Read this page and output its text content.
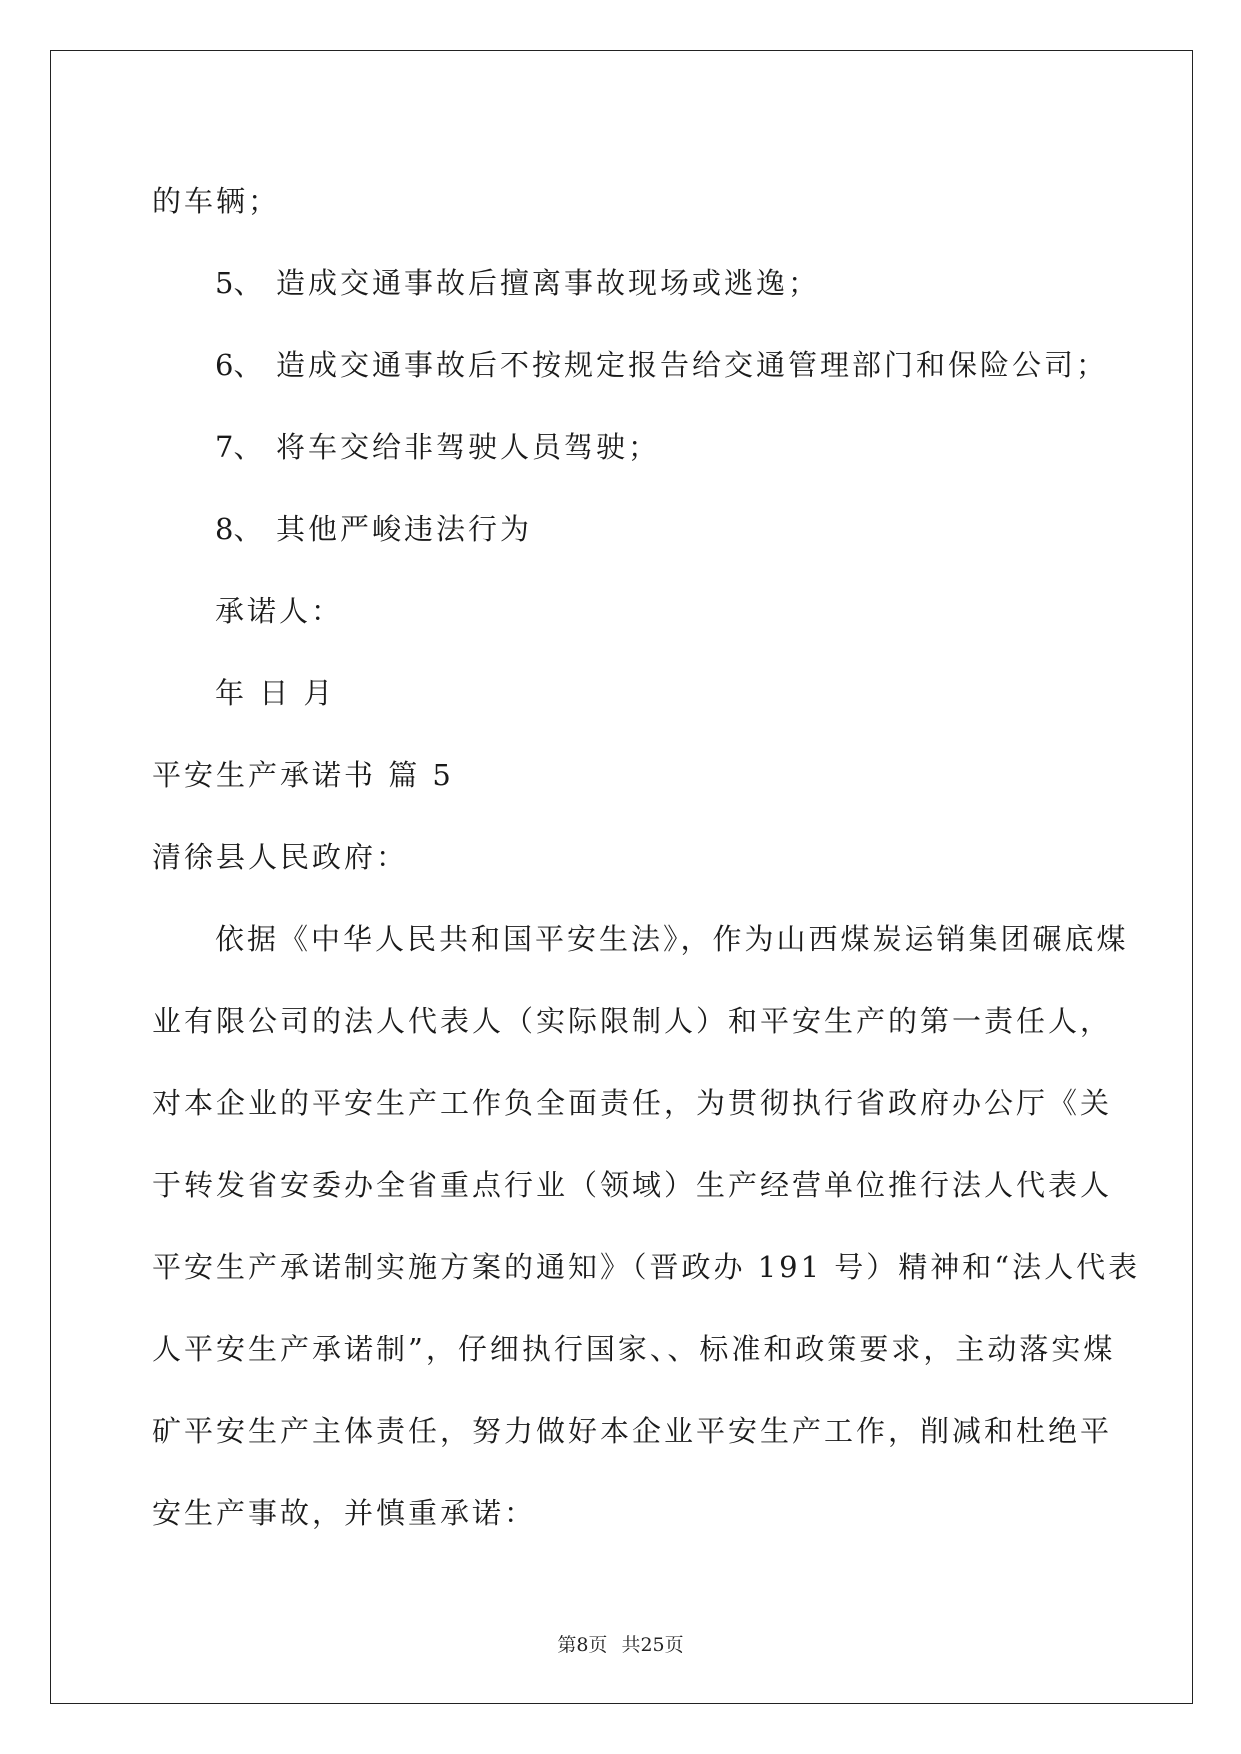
的车辆；
5、 造成交通事故后擅离事故现场或逃逸；
6、 造成交通事故后不按规定报告给交通管理部门和保险公司；
7、 将车交给非驾驶人员驾驶；
8、 其他严峻违法行为
承诺人：
年 日 月
平安生产承诺书 篇 5
清徐县人民政府：
依据《中华人民共和国平安生法》，作为山西煤炭运销集团碾底煤
业有限公司的法人代表人（实际限制人）和平安生产的第一责任人，
对本企业的平安生产工作负全面责任，为贯彻执行省政府办公厅《关
于转发省安委办全省重点行业（领域）生产经营单位推行法人代表人
平安生产承诺制实施方案的通知》（晋政办 191 号）精神和“法人代表
人平安生产承诺制”，仔细执行国家、、标准和政策要求，主动落实煤
矿平安生产主体责任，努力做好本企业平安生产工作，削减和杜绝平
安生产事故，并慎重承诺：
第8页 共25页
